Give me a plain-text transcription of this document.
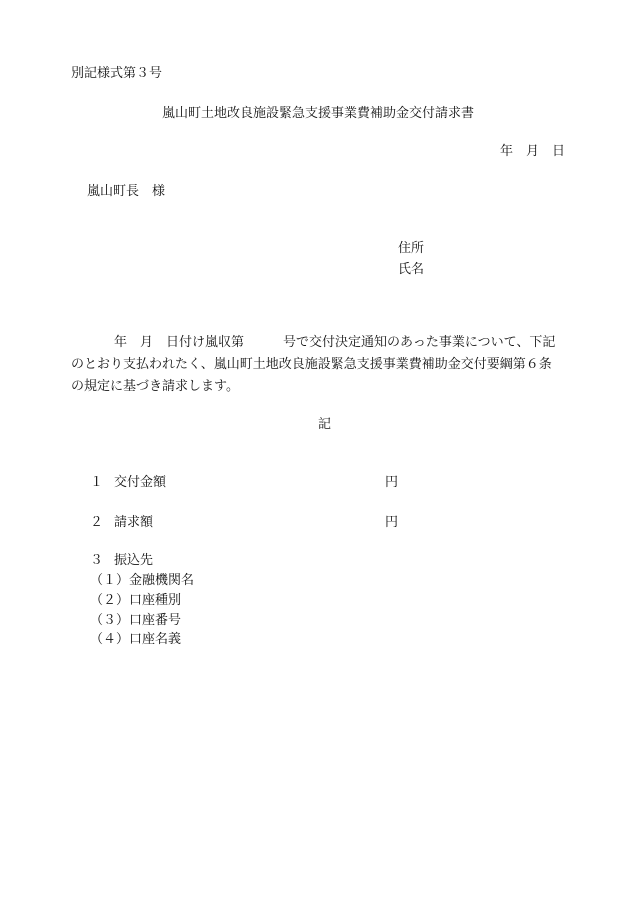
別記様式第３号
嵐山町土地改良施設緊急支援事業費補助金交付請求書
年　月　日
嵐山町長　様
住所
氏名
年　月　日付け嵐収第　　　号で交付決定通知のあった事業について、下記
のとおり支払われたく、嵐山町土地改良施設緊急支援事業費補助金交付要綱第６条
の規定に基づき請求します。
記
１ 交付金額	円
２ 請求額	円
３ 振込先
（１）金融機関名
（２）口座種別
（３）口座番号
（４）口座名義
